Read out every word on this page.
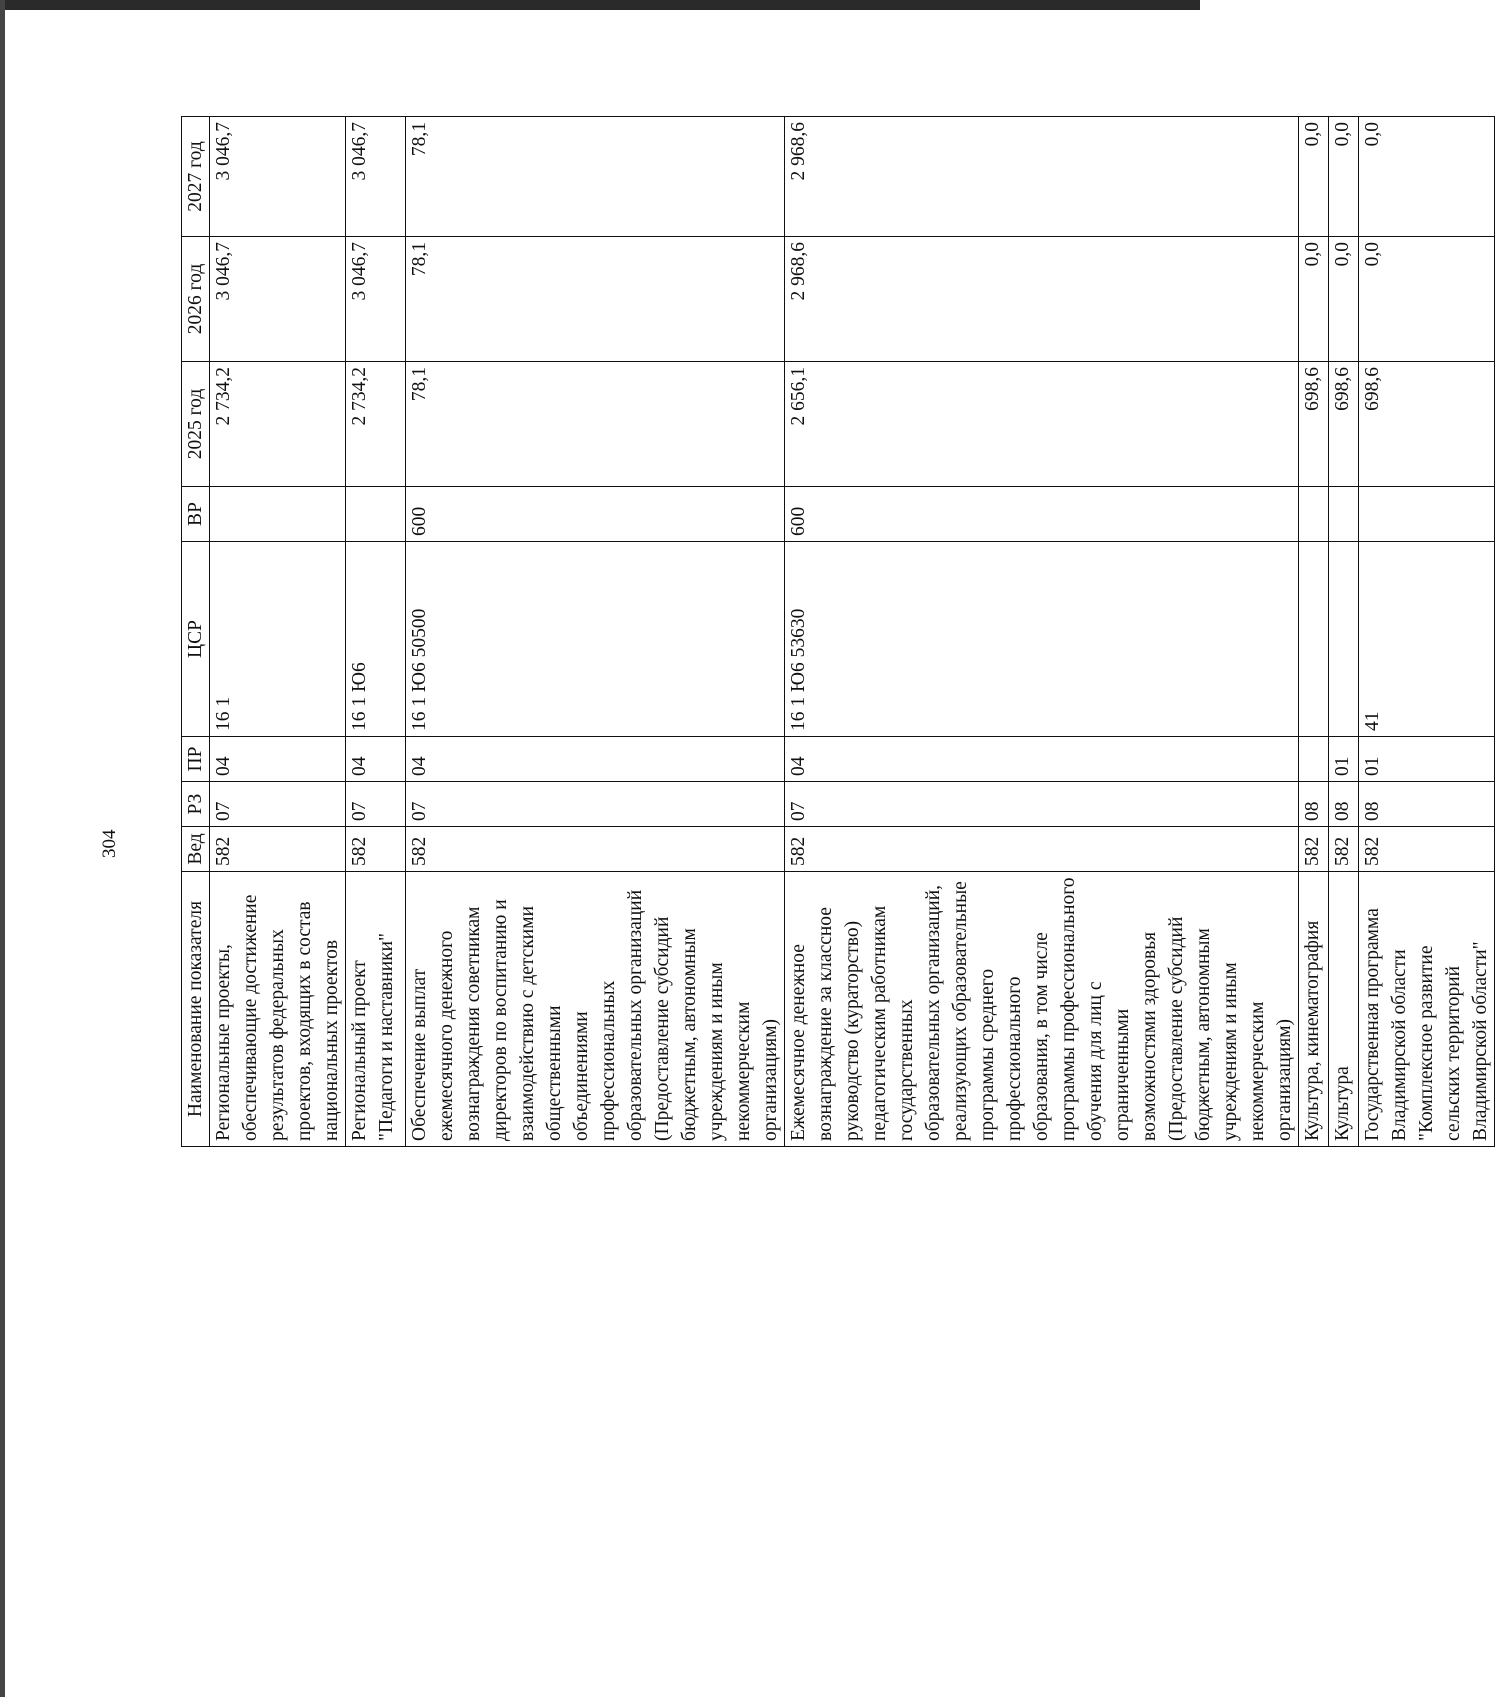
304
Наименование показателя	Вед	РЗ	ПР	ЦСР	ВР	2025 год	2026 год	2027 год
Региональные проекты, обеспечивающие достижение результатов федеральных проектов, входящих в состав национальных проектов	582	07	04	16 1		2 734,2	3 046,7	3 046,7
Региональный проект "Педагоги и наставники"	582	07	04	16 1 Ю6		2 734,2	3 046,7	3 046,7
Обеспечение выплат ежемесячного денежного вознаграждения советникам директоров по воспитанию и взаимодействию с детскими общественными объединениями профессиональных образовательных организаций (Предоставление субсидий бюджетным, автономным учреждениям и иным некоммерческим организациям)	582	07	04	16 1 Ю6 50500	600	78,1	78,1	78,1
Ежемесячное денежное вознаграждение за классное руководство (кураторство) педагогическим работникам государственных образовательных организаций, реализующих образовательные программы среднего профессионального образования, в том числе программы профессионального обучения для лиц с ограниченными возможностями здоровья (Предоставление субсидий бюджетным, автономным учреждениям и иным некоммерческим организациям)	582	07	04	16 1 Ю6 53630	600	2 656,1	2 968,6	2 968,6
Культура, кинематография	582	08				698,6	0,0	0,0
Культура	582	08	01			698,6	0,0	0,0
Государственная программа Владимирской области "Комплексное развитие сельских территорий Владимирской области"	582	08	01	41		698,6	0,0	0,0
